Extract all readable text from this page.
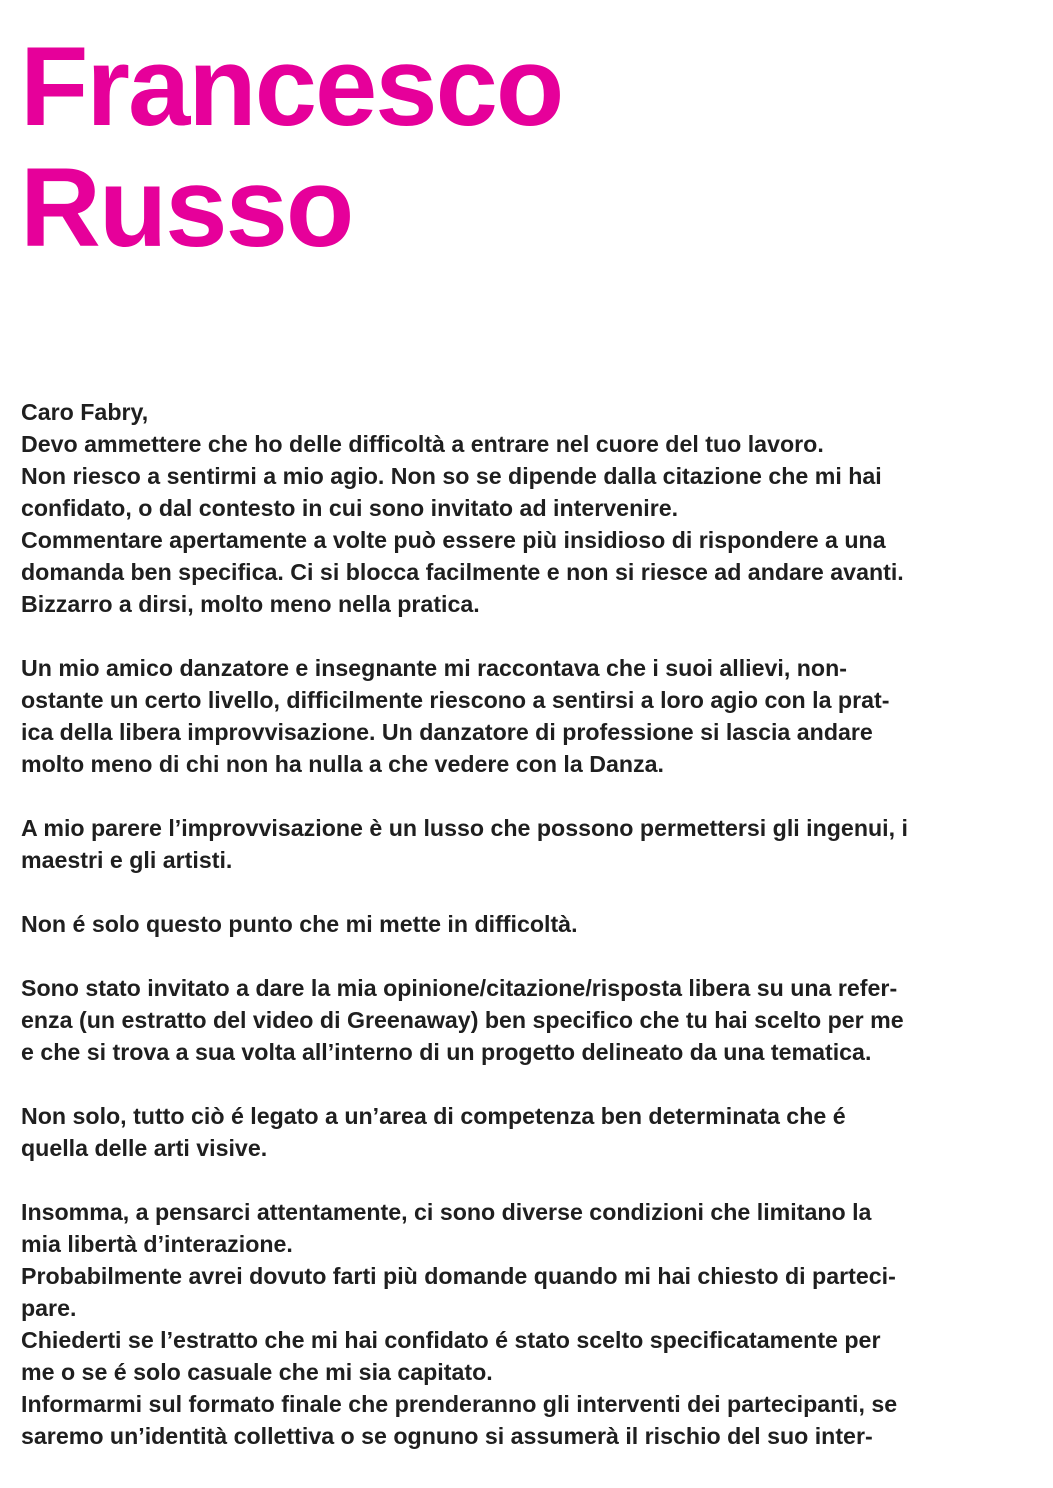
Francesco
Russo

Caro Fabry,
Devo ammettere che ho delle difficoltà a entrare nel cuore del tuo lavoro.
Non riesco a sentirmi a mio agio. Non so se dipende dalla citazione che mi hai
confidato, o dal contesto in cui sono invitato ad intervenire.
Commentare apertamente a volte può essere più insidioso di rispondere a una
domanda ben specifica. Ci si blocca facilmente e non si riesce ad andare avanti.
Bizzarro a dirsi, molto meno nella pratica.

Un mio amico danzatore e insegnante mi raccontava che i suoi allievi, non-
ostante un certo livello, difficilmente riescono a sentirsi a loro agio con la prat-
ica della libera improvvisazione. Un danzatore di professione si lascia andare
molto meno di chi non ha nulla a che vedere con la Danza.

A mio parere l’improvvisazione è un lusso che possono permettersi gli ingenui, i
maestri e gli artisti.

Non é solo questo punto che mi mette in difficoltà.

Sono stato invitato a dare la mia opinione/citazione/risposta libera su una refer-
enza (un estratto del video di Greenaway) ben specifico che tu hai scelto per me
e che si trova a sua volta all’interno di un progetto delineato da una tematica.

Non solo, tutto ciò é legato a un’area di competenza ben determinata che é
quella delle arti visive.

Insomma, a pensarci attentamente, ci sono diverse condizioni che limitano la
mia libertà d’interazione.
Probabilmente avrei dovuto farti più domande quando mi hai chiesto di parteci-
pare.
Chiederti se l’estratto che mi hai confidato é stato scelto specificatamente per
me o se é solo casuale che mi sia capitato.
Informarmi sul formato finale che prenderanno gli interventi dei partecipanti, se
saremo un’identità collettiva o se ognuno si assumerà il rischio del suo inter-
